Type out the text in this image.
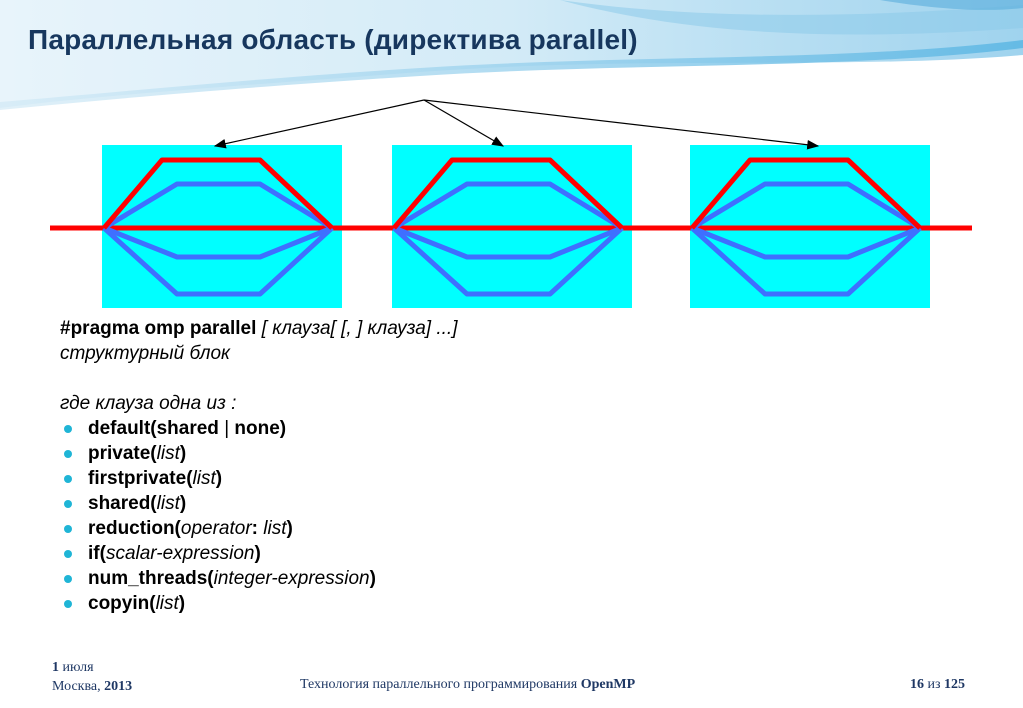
Параллельная область (директива parallel)
#pragma omp parallel [ клауза[ [, ] клауза] ...]
структурный блок
где клауза одна из :
default(shared | none)
private(list)
firstprivate(list)
shared(list)
reduction(operator: list)
if(scalar-expression)
num_threads(integer-expression)
copyin(list)
1 июля
Москва, 2013	Технология параллельного программирования OpenMP	16 из 125
